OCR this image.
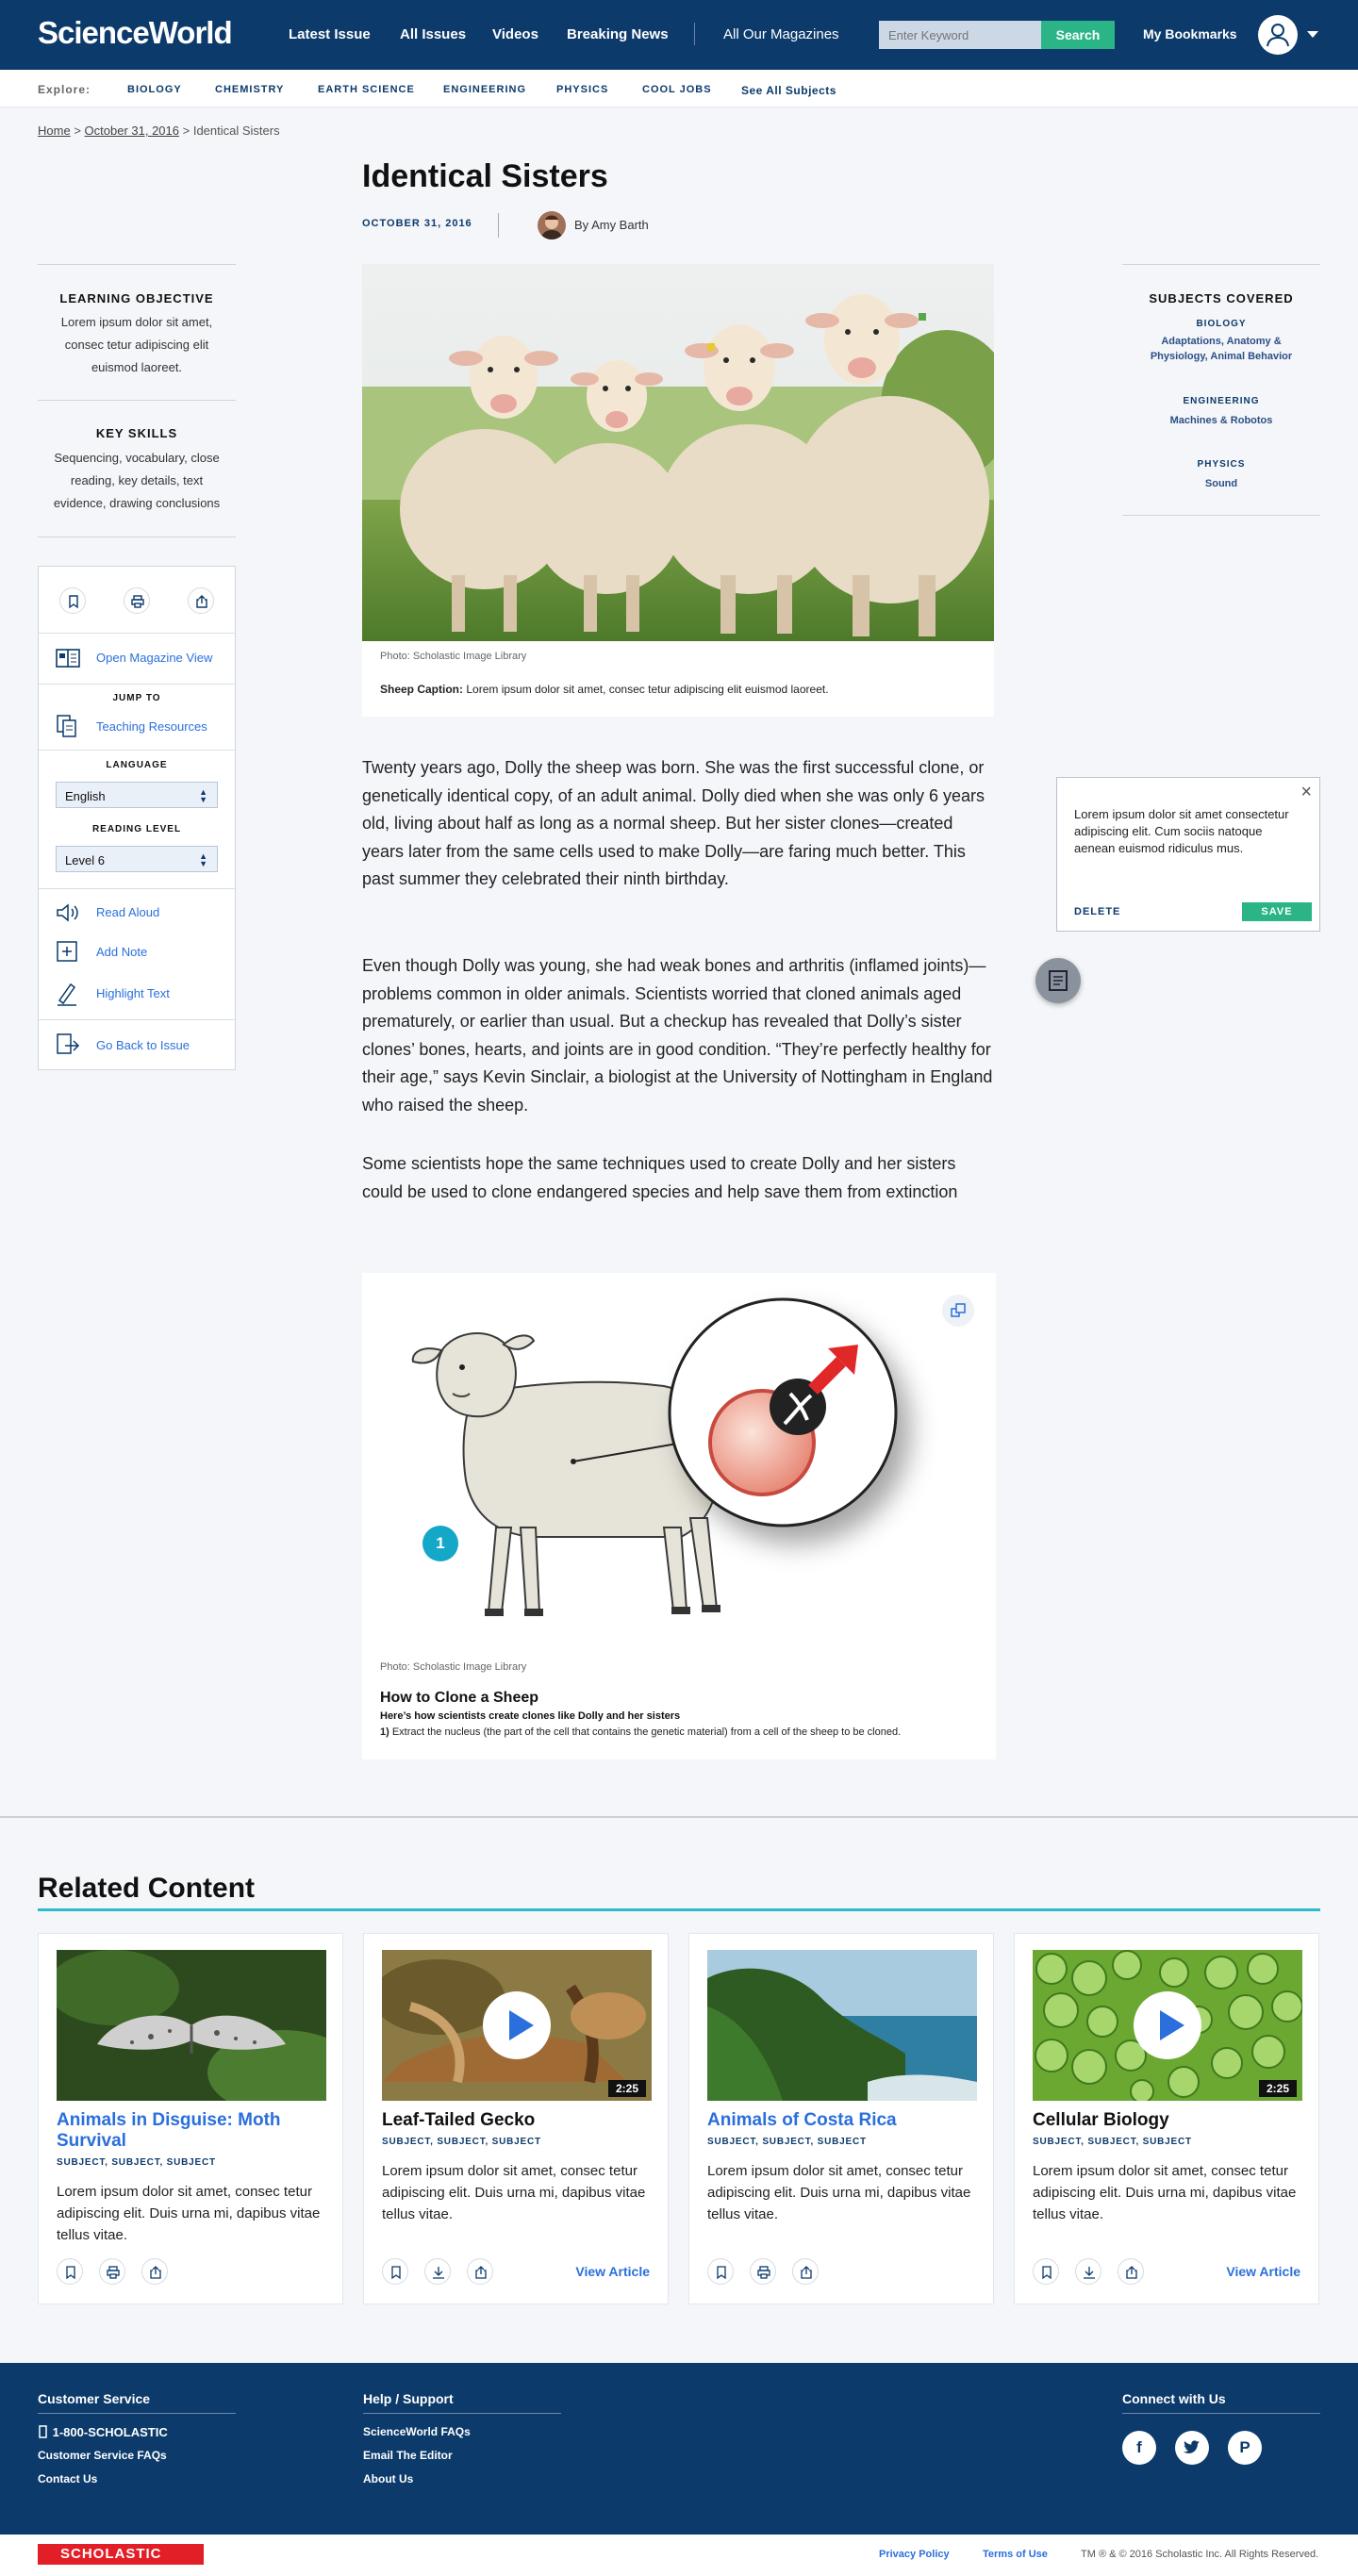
ScienceWorld	Latest Issue All Issues Videos Breaking News	All Our Magazines
Enter Keyword	Search	My Bookmarks
Explore:	BIOLOGY	CHEMISTRY	EARTH SCIENCE	ENGINEERING	PHYSICS	COOL JOBS	See All Subjects
Home > October 31, 2016 > Identical Sisters
Identical Sisters
OCTOBER 31, 2016	By Amy Barth
LEARNING OBJECTIVE
Lorem ipsum dolor sit amet, consec tetur adipiscing elit euismod laoreet.
KEY SKILLS
Sequencing, vocabulary, close reading, key details, text evidence, drawing conclusions
Open Magazine View
JUMP TO
Teaching Resources
LANGUAGE
English	▲
▼
READING LEVEL
Level 6	▲
▼
Read Aloud
Add Note
Highlight Text
Go Back to Issue
Photo: Scholastic Image Library
Sheep Caption: Lorem ipsum dolor sit amet, consec tetur adipiscing elit euismod laoreet.

Twenty years ago, Dolly the sheep was born. She was the first successful clone, or genetically identical copy, of an adult animal. Dolly died when she was only 6 years old, living about half as long as a normal sheep. But her sister clones—created years later from the same cells used to make Dolly—are faring much better. This past summer they celebrated their ninth birthday.

Even though Dolly was young, she had weak bones and arthritis (inflamed joints)—problems common in older animals. Scientists worried that cloned animals aged prematurely, or earlier than usual. But a checkup has revealed that Dolly’s sister clones’ bones, hearts, and joints are in good condition. “They’re perfectly healthy for their age,” says Kevin Sinclair, a biologist at the University of Nottingham in England who raised the sheep.

Some scientists hope the same techniques used to create Dolly and her sisters could be used to clone endangered species and help save them from extinction

SUBJECTS COVERED
BIOLOGY
Adaptations, Anatomy & Physiology, Animal Behavior
ENGINEERING
Machines & Robotos
PHYSICS
Sound
×

Lorem ipsum dolor sit amet consectetur adipiscing elit. Cum sociis natoque aenean euismod ridiculus mus.

DELETE	SAVE
Photo: Scholastic Image Library
How to Clone a Sheep
Here’s how scientists create clones like Dolly and her sisters
1) Extract the nucleus (the part of the cell that contains the genetic material) from a cell of the sheep to be cloned.
1
Related Content
Animals in Disguise: Moth Survival
SUBJECT, SUBJECT, SUBJECT
Lorem ipsum dolor sit amet, consec tetur adipiscing elit. Duis urna mi, dapibus vitae tellus vitae.
2:25
Leaf-Tailed Gecko
SUBJECT, SUBJECT, SUBJECT
Lorem ipsum dolor sit amet, consec tetur adipiscing elit. Duis urna mi, dapibus vitae tellus vitae.
View Article
Animals of Costa Rica
SUBJECT, SUBJECT, SUBJECT
Lorem ipsum dolor sit amet, consec tetur adipiscing elit. Duis urna mi, dapibus vitae tellus vitae.
2:25
Cellular Biology
SUBJECT, SUBJECT, SUBJECT
Lorem ipsum dolor sit amet, consec tetur adipiscing elit. Duis urna mi, dapibus vitae tellus vitae.
View Article
Customer Service
1-800-SCHOLASTIC
Customer Service FAQs
Contact Us
Help / Support
ScienceWorld FAQs
Email The Editor
About Us
Connect with Us
f	P
SCHOLASTIC	Privacy Policy	Terms of Use	TM ® & © 2016 Scholastic Inc. All Rights Reserved.
